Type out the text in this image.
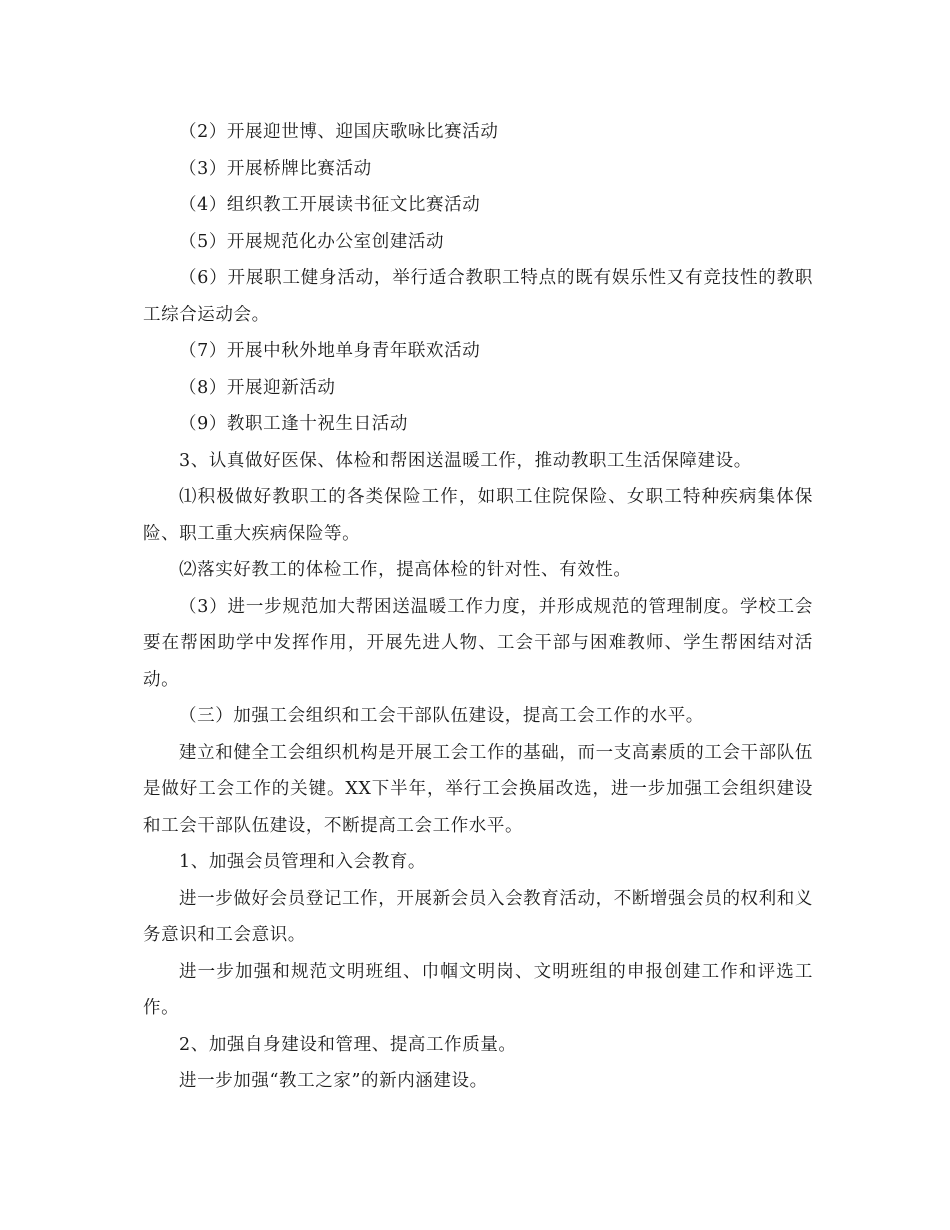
（2）开展迎世博、迎国庆歌咏比赛活动

（3）开展桥牌比赛活动

（4）组织教工开展读书征文比赛活动

（5）开展规范化办公室创建活动

（6）开展职工健身活动，举行适合教职工特点的既有娱乐性又有竞技性的教职工综合运动会。

（7）开展中秋外地单身青年联欢活动

（8）开展迎新活动

（9）教职工逢十祝生日活动

3、认真做好医保、体检和帮困送温暖工作，推动教职工生活保障建设。

⑴积极做好教职工的各类保险工作，如职工住院保险、女职工特种疾病集体保险、职工重大疾病保险等。

⑵落实好教工的体检工作，提高体检的针对性、有效性。

（3）进一步规范加大帮困送温暖工作力度，并形成规范的管理制度。学校工会要在帮困助学中发挥作用，开展先进人物、工会干部与困难教师、学生帮困结对活动。

（三）加强工会组织和工会干部队伍建设，提高工会工作的水平。

建立和健全工会组织机构是开展工会工作的基础，而一支高素质的工会干部队伍是做好工会工作的关键。XX下半年，举行工会换届改选，进一步加强工会组织建设和工会干部队伍建设，不断提高工会工作水平。

1、加强会员管理和入会教育。

进一步做好会员登记工作，开展新会员入会教育活动，不断增强会员的权利和义务意识和工会意识。

进一步加强和规范文明班组、巾帼文明岗、文明班组的申报创建工作和评选工作。

2、加强自身建设和管理、提高工作质量。

进一步加强“教工之家”的新内涵建设。
